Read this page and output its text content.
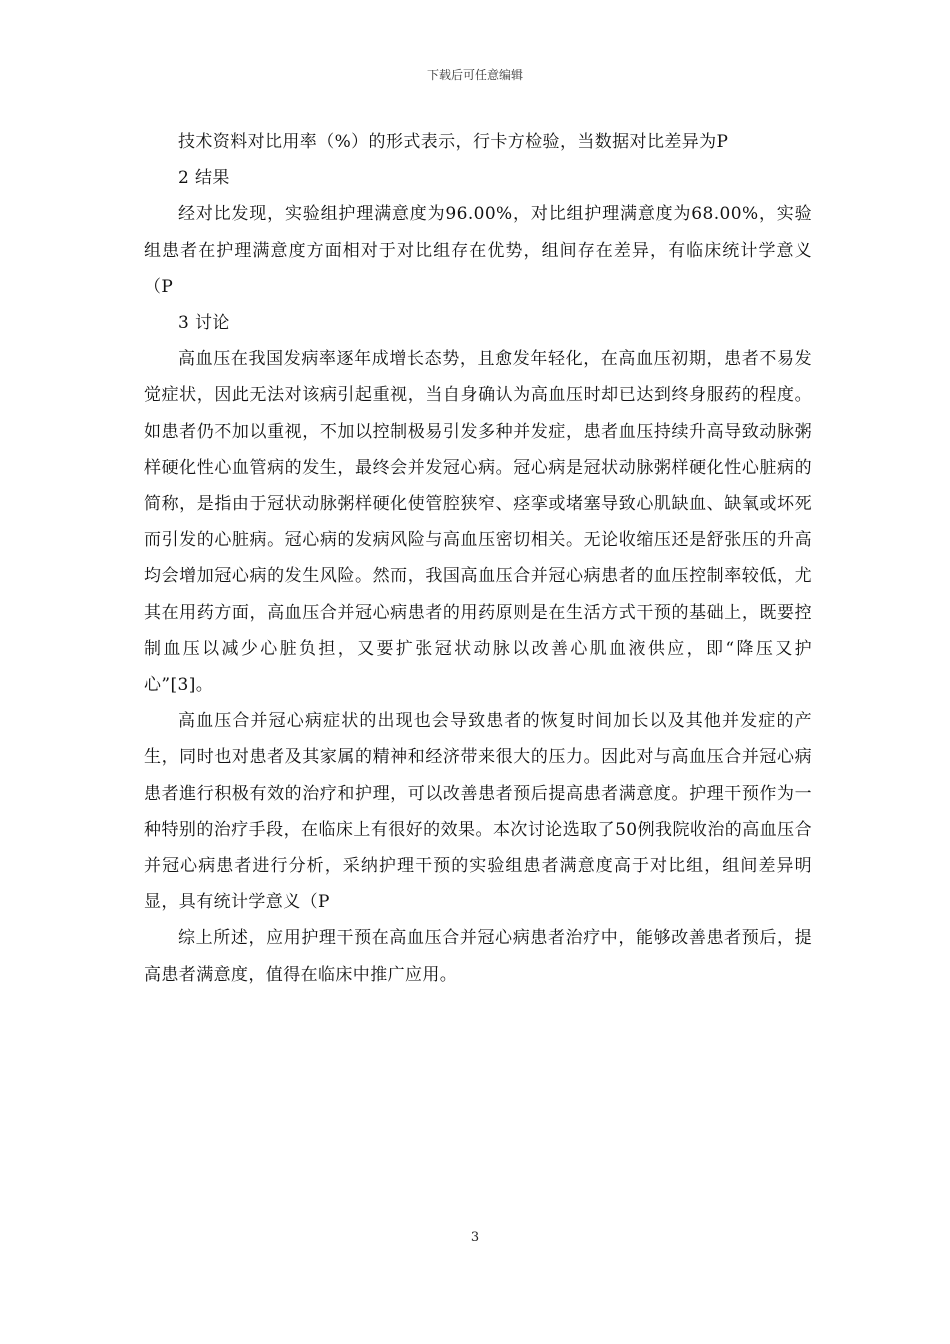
下载后可任意编辑

技术资料对比用率（%）的形式表示，行卡方检验，当数据对比差异为P

2 结果

经对比发现，实验组护理满意度为96.00%，对比组护理满意度为68.00%，实验组患者在护理满意度方面相对于对比组存在优势，组间存在差异，有临床统计学意义（P

3 讨论

高血压在我国发病率逐年成增长态势，且愈发年轻化，在高血压初期，患者不易发觉症状，因此无法对该病引起重视，当自身确认为高血压时却已达到终身服药的程度。如患者仍不加以重视，不加以控制极易引发多种并发症，患者血压持续升高导致动脉粥样硬化性心血管病的发生，最终会并发冠心病。冠心病是冠状动脉粥样硬化性心脏病的简称，是指由于冠状动脉粥样硬化使管腔狭窄、痉挛或堵塞导致心肌缺血、缺氧或坏死而引发的心脏病。冠心病的发病风险与高血压密切相关。无论收缩压还是舒张压的升高均会增加冠心病的发生风险。然而，我国高血压合并冠心病患者的血压控制率较低，尤其在用药方面，高血压合并冠心病患者的用药原则是在生活方式干预的基础上，既要控制血压以减少心脏负担，又要扩张冠状动脉以改善心肌血液供应，即“降压又护心”[3]。

高血压合并冠心病症状的出现也会导致患者的恢复时间加长以及其他并发症的产生，同时也对患者及其家属的精神和经济带来很大的压力。因此对与高血压合并冠心病患者進行积极有效的治疗和护理，可以改善患者预后提高患者满意度。护理干预作为一种特别的治疗手段，在临床上有很好的效果。本次讨论选取了50例我院收治的高血压合并冠心病患者进行分析，采纳护理干预的实验组患者满意度高于对比组，组间差异明显，具有统计学意义（P

综上所述，应用护理干预在高血压合并冠心病患者治疗中，能够改善患者预后，提高患者满意度，值得在临床中推广应用。

3
